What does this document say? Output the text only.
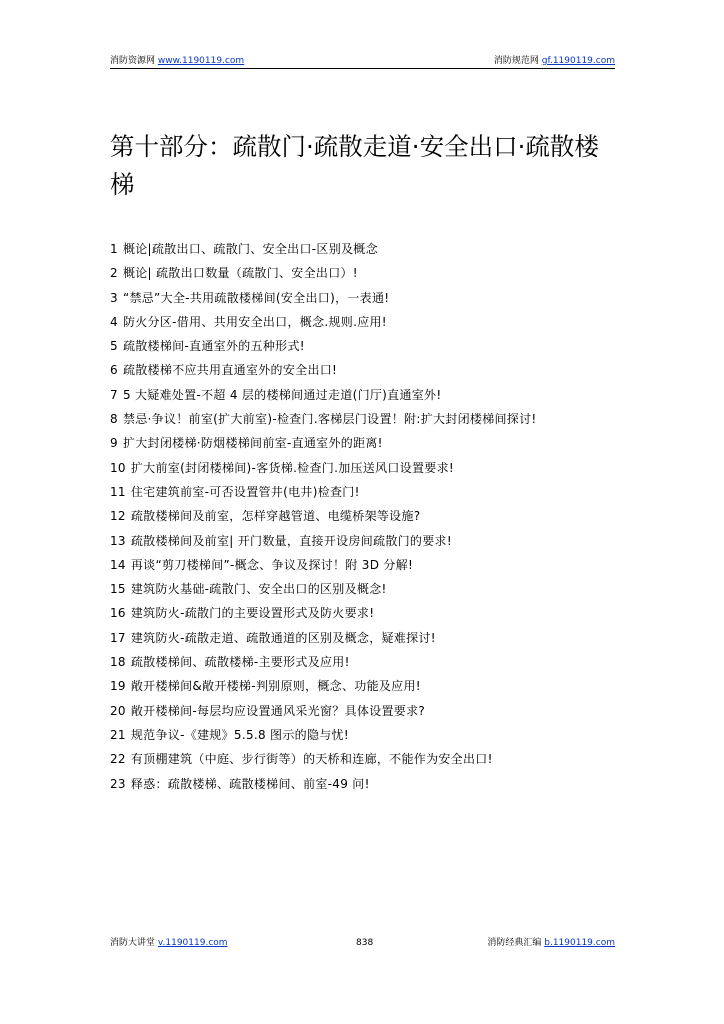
消防资源网 www.1190119.com	消防规范网 gf.1190119.com
第十部分：疏散门·疏散走道·安全出口·疏散楼梯
1 概论|疏散出口、疏散门、安全出口-区别及概念
2 概论| 疏散出口数量（疏散门、安全出口）!
3 “禁忌”大全-共用疏散楼梯间(安全出口)，一表通!
4 防火分区-借用、共用安全出口，概念.规则.应用!
5 疏散楼梯间-直通室外的五种形式!
6 疏散楼梯不应共用直通室外的安全出口!
7 5 大疑难处置-不超 4 层的楼梯间通过走道(门厅)直通室外!
8 禁忌·争议！前室(扩大前室)-检查门.客梯层门设置！附:扩大封闭楼梯间探讨!
9 扩大封闭楼梯·防烟楼梯间前室-直通室外的距离!
10 扩大前室(封闭楼梯间)-客货梯.检查门.加压送风口设置要求!
11 住宅建筑前室-可否设置管井(电井)检查门!
12 疏散楼梯间及前室，怎样穿越管道、电缆桥架等设施?
13 疏散楼梯间及前室| 开门数量，直接开设房间疏散门的要求!
14 再谈“剪刀楼梯间”-概念、争议及探讨！附 3D 分解!
15 建筑防火基础-疏散门、安全出口的区别及概念!
16 建筑防火-疏散门的主要设置形式及防火要求!
17 建筑防火-疏散走道、疏散通道的区别及概念，疑难探讨!
18 疏散楼梯间、疏散楼梯-主要形式及应用!
19 敞开楼梯间&敞开楼梯-判别原则，概念、功能及应用!
20 敞开楼梯间-每层均应设置通风采光窗？具体设置要求?
21 规范争议-《建规》5.5.8 图示的隐与忧!
22 有顶棚建筑（中庭、步行街等）的天桥和连廊，不能作为安全出口!
23 释惑：疏散楼梯、疏散楼梯间、前室-49 问!
消防大讲堂 v.1190119.com	838	消防经典汇编 b.1190119.com
